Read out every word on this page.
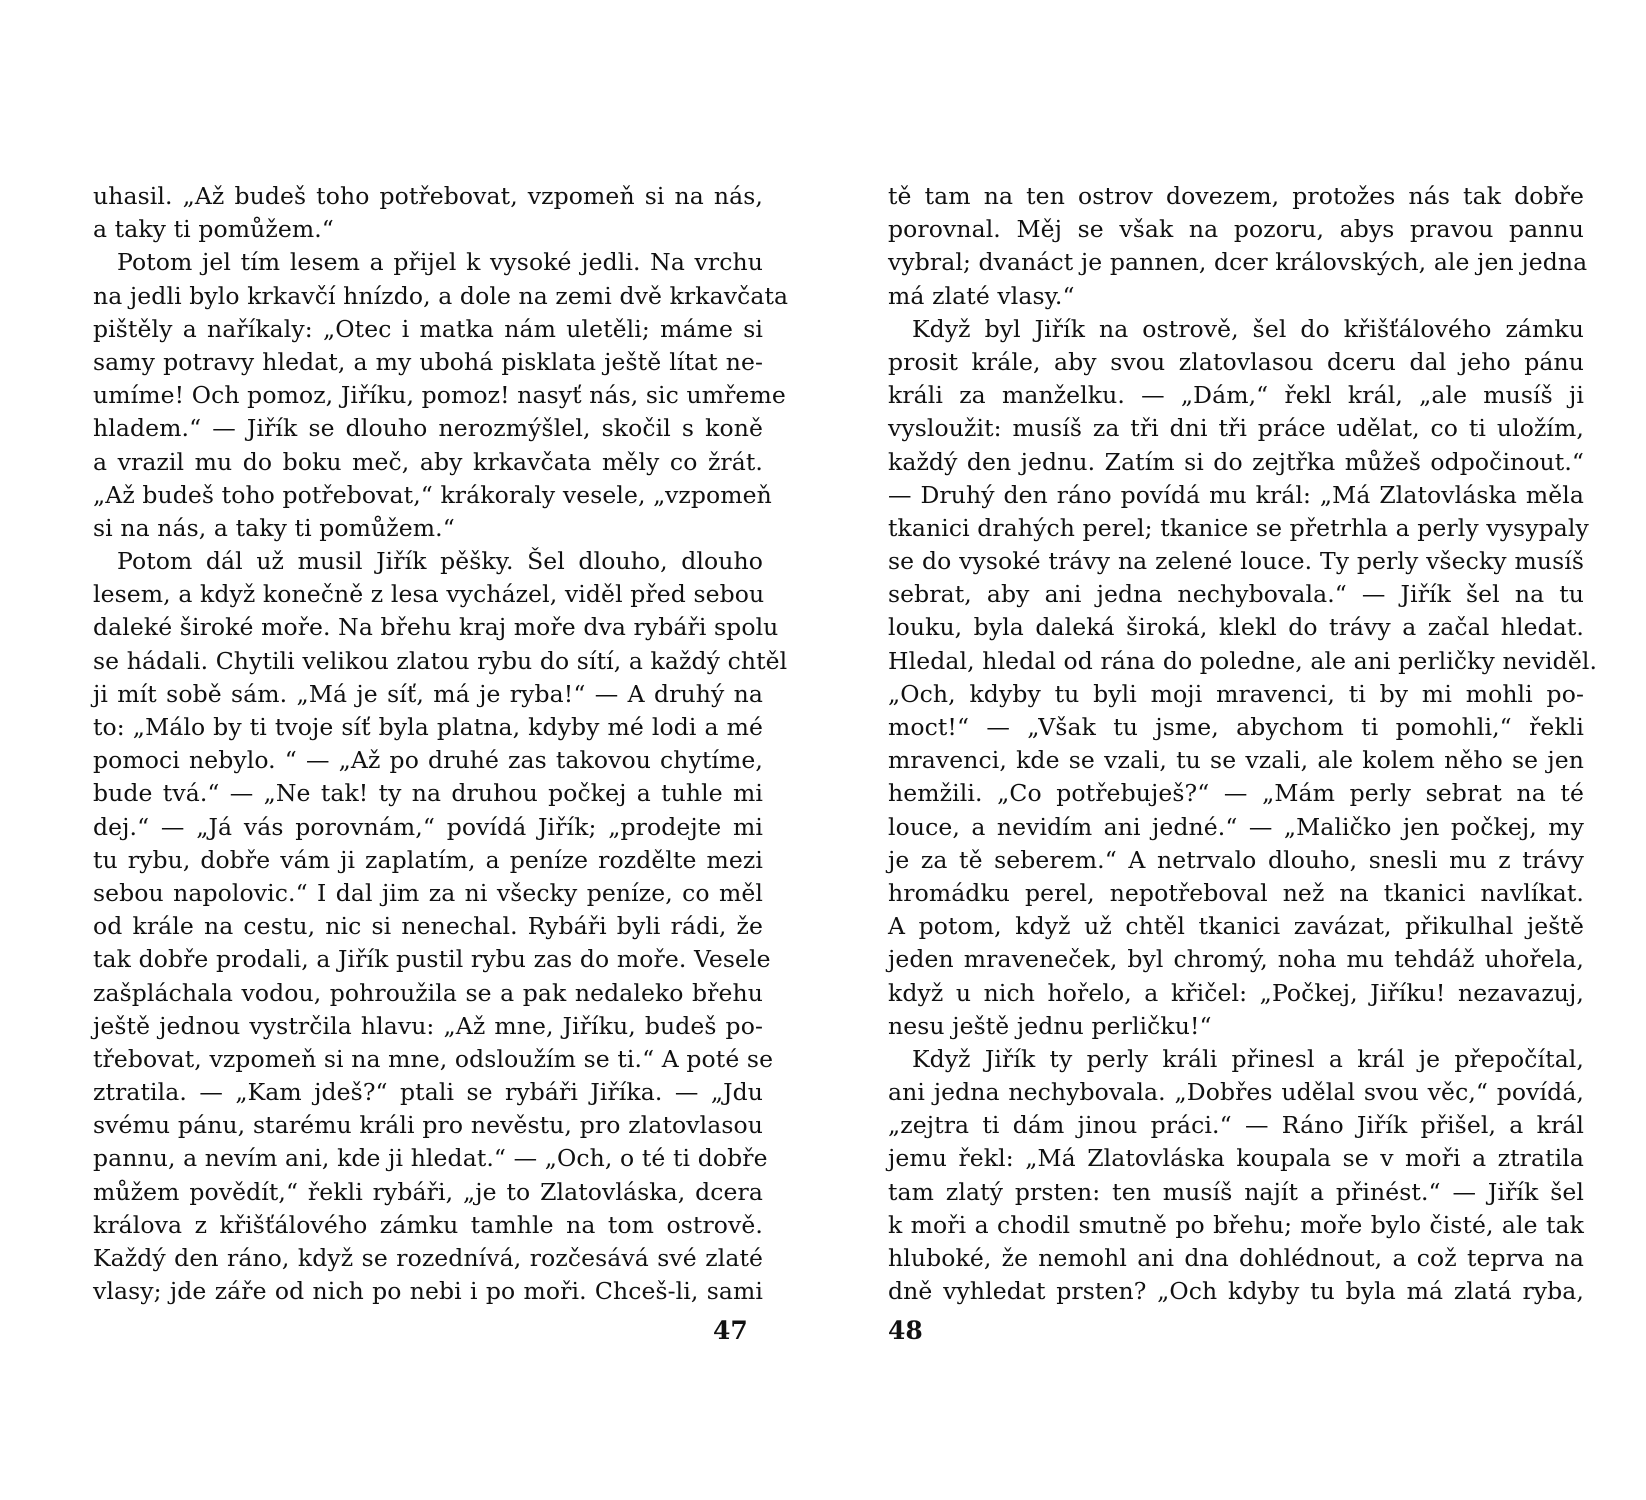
uhasil. „Až budeš toho potřebovat, vzpomeň si na nás,
a taky ti pomůžem.“
Potom jel tím lesem a přijel k vysoké jedli. Na vrchu
na jedli bylo krkavčí hnízdo, a dole na zemi dvě krkavčata
pištěly a naříkaly: „Otec i matka nám uletěli; máme si
samy potravy hledat, a my ubohá pisklata ještě lítat ne-
umíme! Och pomoz, Jiříku, pomoz! nasyť nás, sic umřeme
hladem.“ — Jiřík se dlouho nerozmýšlel, skočil s koně
a vrazil mu do boku meč, aby krkavčata měly co žrát.
„Až budeš toho potřebovat,“ krákoraly vesele, „vzpomeň
si na nás, a taky ti pomůžem.“
Potom dál už musil Jiřík pěšky. Šel dlouho, dlouho
lesem, a když konečně z lesa vycházel, viděl před sebou
daleké široké moře. Na břehu kraj moře dva rybáři spolu
se hádali. Chytili velikou zlatou rybu do sítí, a každý chtěl
ji mít sobě sám. „Má je síť, má je ryba!“ — A druhý na
to: „Málo by ti tvoje síť byla platna, kdyby mé lodi a mé
pomoci nebylo. “ — „Až po druhé zas takovou chytíme,
bude tvá.“ — „Ne tak! ty na druhou počkej a tuhle mi
dej.“ — „Já vás porovnám,“ povídá Jiřík; „prodejte mi
tu rybu, dobře vám ji zaplatím, a peníze rozdělte mezi
sebou napolovic.“ I dal jim za ni všecky peníze, co měl
od krále na cestu, nic si nenechal. Rybáři byli rádi, že
tak dobře prodali, a Jiřík pustil rybu zas do moře. Vesele
zašpláchala vodou, pohroužila se a pak nedaleko břehu
ještě jednou vystrčila hlavu: „Až mne, Jiříku, budeš po-
třebovat, vzpomeň si na mne, odsloužím se ti.“ A poté se
ztratila. — „Kam jdeš?“ ptali se rybáři Jiříka. — „Jdu
svému pánu, starému králi pro nevěstu, pro zlatovlasou
pannu, a nevím ani, kde ji hledat.“ — „Och, o té ti dobře
můžem povědít,“ řekli rybáři, „je to Zlatovláska, dcera
králova z křišťálového zámku tamhle na tom ostrově.
Každý den ráno, když se rozednívá, rozčesává své zlaté
vlasy; jde záře od nich po nebi i po moři. Chceš-li, sami
47
tě tam na ten ostrov dovezem, protožes nás tak dobře
porovnal. Měj se však na pozoru, abys pravou pannu
vybral; dvanáct je pannen, dcer královských, ale jen jedna
má zlaté vlasy.“
Když byl Jiřík na ostrově, šel do křišťálového zámku
prosit krále, aby svou zlatovlasou dceru dal jeho pánu
králi za manželku. — „Dám,“ řekl král, „ale musíš ji
vysloužit: musíš za tři dni tři práce udělat, co ti uložím,
každý den jednu. Zatím si do zejtřka můžeš odpočinout.“
— Druhý den ráno povídá mu král: „Má Zlatovláska měla
tkanici drahých perel; tkanice se přetrhla a perly vysypaly
se do vysoké trávy na zelené louce. Ty perly všecky musíš
sebrat, aby ani jedna nechybovala.“ — Jiřík šel na tu
louku, byla daleká široká, klekl do trávy a začal hledat.
Hledal, hledal od rána do poledne, ale ani perličky neviděl.
„Och, kdyby tu byli moji mravenci, ti by mi mohli po-
moct!“ — „Však tu jsme, abychom ti pomohli,“ řekli
mravenci, kde se vzali, tu se vzali, ale kolem něho se jen
hemžili. „Co potřebuješ?“ — „Mám perly sebrat na té
louce, a nevidím ani jedné.“ — „Maličko jen počkej, my
je za tě seberem.“ A netrvalo dlouho, snesli mu z trávy
hromádku perel, nepotřeboval než na tkanici navlíkat.
A potom, když už chtěl tkanici zavázat, přikulhal ještě
jeden mraveneček, byl chromý, noha mu tehdáž uhořela,
když u nich hořelo, a křičel: „Počkej, Jiříku! nezavazuj,
nesu ještě jednu perličku!“
Když Jiřík ty perly králi přinesl a král je přepočítal,
ani jedna nechybovala. „Dobřes udělal svou věc,“ povídá,
„zejtra ti dám jinou práci.“ — Ráno Jiřík přišel, a král
jemu řekl: „Má Zlatovláska koupala se v moři a ztratila
tam zlatý prsten: ten musíš najít a přinést.“ — Jiřík šel
k moři a chodil smutně po břehu; moře bylo čisté, ale tak
hluboké, že nemohl ani dna dohlédnout, a což teprva na
dně vyhledat prsten? „Och kdyby tu byla má zlatá ryba,
48
